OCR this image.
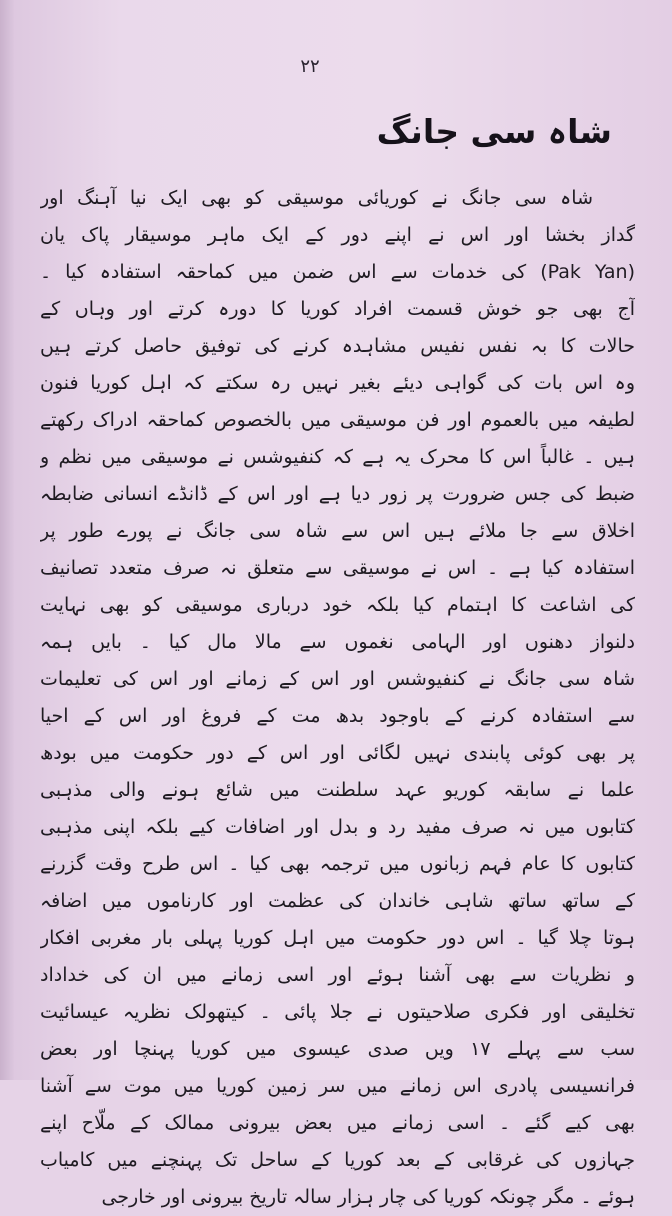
۲۲
شاہ سی جانگ
شاہ سی جانگ نے کوریائی موسیقی کو بھی ایک نیا آہنگ اور
گداز بخشا اور اس نے اپنے دور کے ایک ماہر موسیقار پاک یان
(Pak Yan) کی خدمات سے اس ضمن میں کماحقہ استفادہ کیا ۔
آج بھی جو خوش قسمت افراد کوریا کا دورہ کرتے اور وہاں کے
حالات کا بہ نفس نفیس مشاہدہ کرنے کی توفیق حاصل کرتے ہیں
وہ اس بات کی گواہی دیئے بغیر نہیں رہ سکتے کہ اہل کوریا فنون
لطیفہ میں بالعموم اور فن موسیقی میں بالخصوص کماحقہ ادراک رکھتے
ہیں ۔ غالباً اس کا محرک یہ ہے کہ کنفیوشس نے موسیقی میں نظم و
ضبط کی جس ضرورت پر زور دیا ہے اور اس کے ڈانڈے انسانی ضابطہ
اخلاق سے جا ملائے ہیں اس سے شاہ سی جانگ نے پورے طور پر
استفادہ کیا ہے ۔ اس نے موسیقی سے متعلق نہ صرف متعدد تصانیف
کی اشاعت کا اہتمام کیا بلکہ خود درباری موسیقی کو بھی نہایت
دلنواز دھنوں اور الہامی نغموں سے مالا مال کیا ۔ بایں ہمہ
شاہ سی جانگ نے کنفیوشس اور اس کے زمانے اور اس کی تعلیمات
سے استفادہ کرنے کے باوجود بدھ مت کے فروغ اور اس کے احیا
پر بھی کوئی پابندی نہیں لگائی اور اس کے دور حکومت میں بودھ
علما نے سابقہ کوریو عہد سلطنت میں شائع ہونے والی مذہبی
کتابوں میں نہ صرف مفید رد و بدل اور اضافات کیے بلکہ اپنی مذہبی
کتابوں کا عام فہم زبانوں میں ترجمہ بھی کیا ۔ اس طرح وقت گزرنے
کے ساتھ ساتھ شاہی خاندان کی عظمت اور کارناموں میں اضافہ
ہوتا چلا گیا ۔ اس دور حکومت میں اہل کوریا پہلی بار مغربی افکار
و نظریات سے بھی آشنا ہوئے اور اسی زمانے میں ان کی خداداد
تخلیقی اور فکری صلاحیتوں نے جلا پائی ۔ کیتھولک نظریہ عیسائیت
سب سے پہلے ۱۷ ویں صدی عیسوی میں کوریا پہنچا اور بعض
فرانسیسی پادری اس زمانے میں سر زمین کوریا میں موت سے آشنا
بھی کیے گئے ۔ اسی زمانے میں بعض بیرونی ممالک کے ملّاح اپنے
جہازوں کی غرقابی کے بعد کوریا کے ساحل تک پہنچنے میں کامیاب
ہوئے ۔ مگر چونکہ کوریا کی چار ہزار سالہ تاریخ بیرونی اور خارجی
